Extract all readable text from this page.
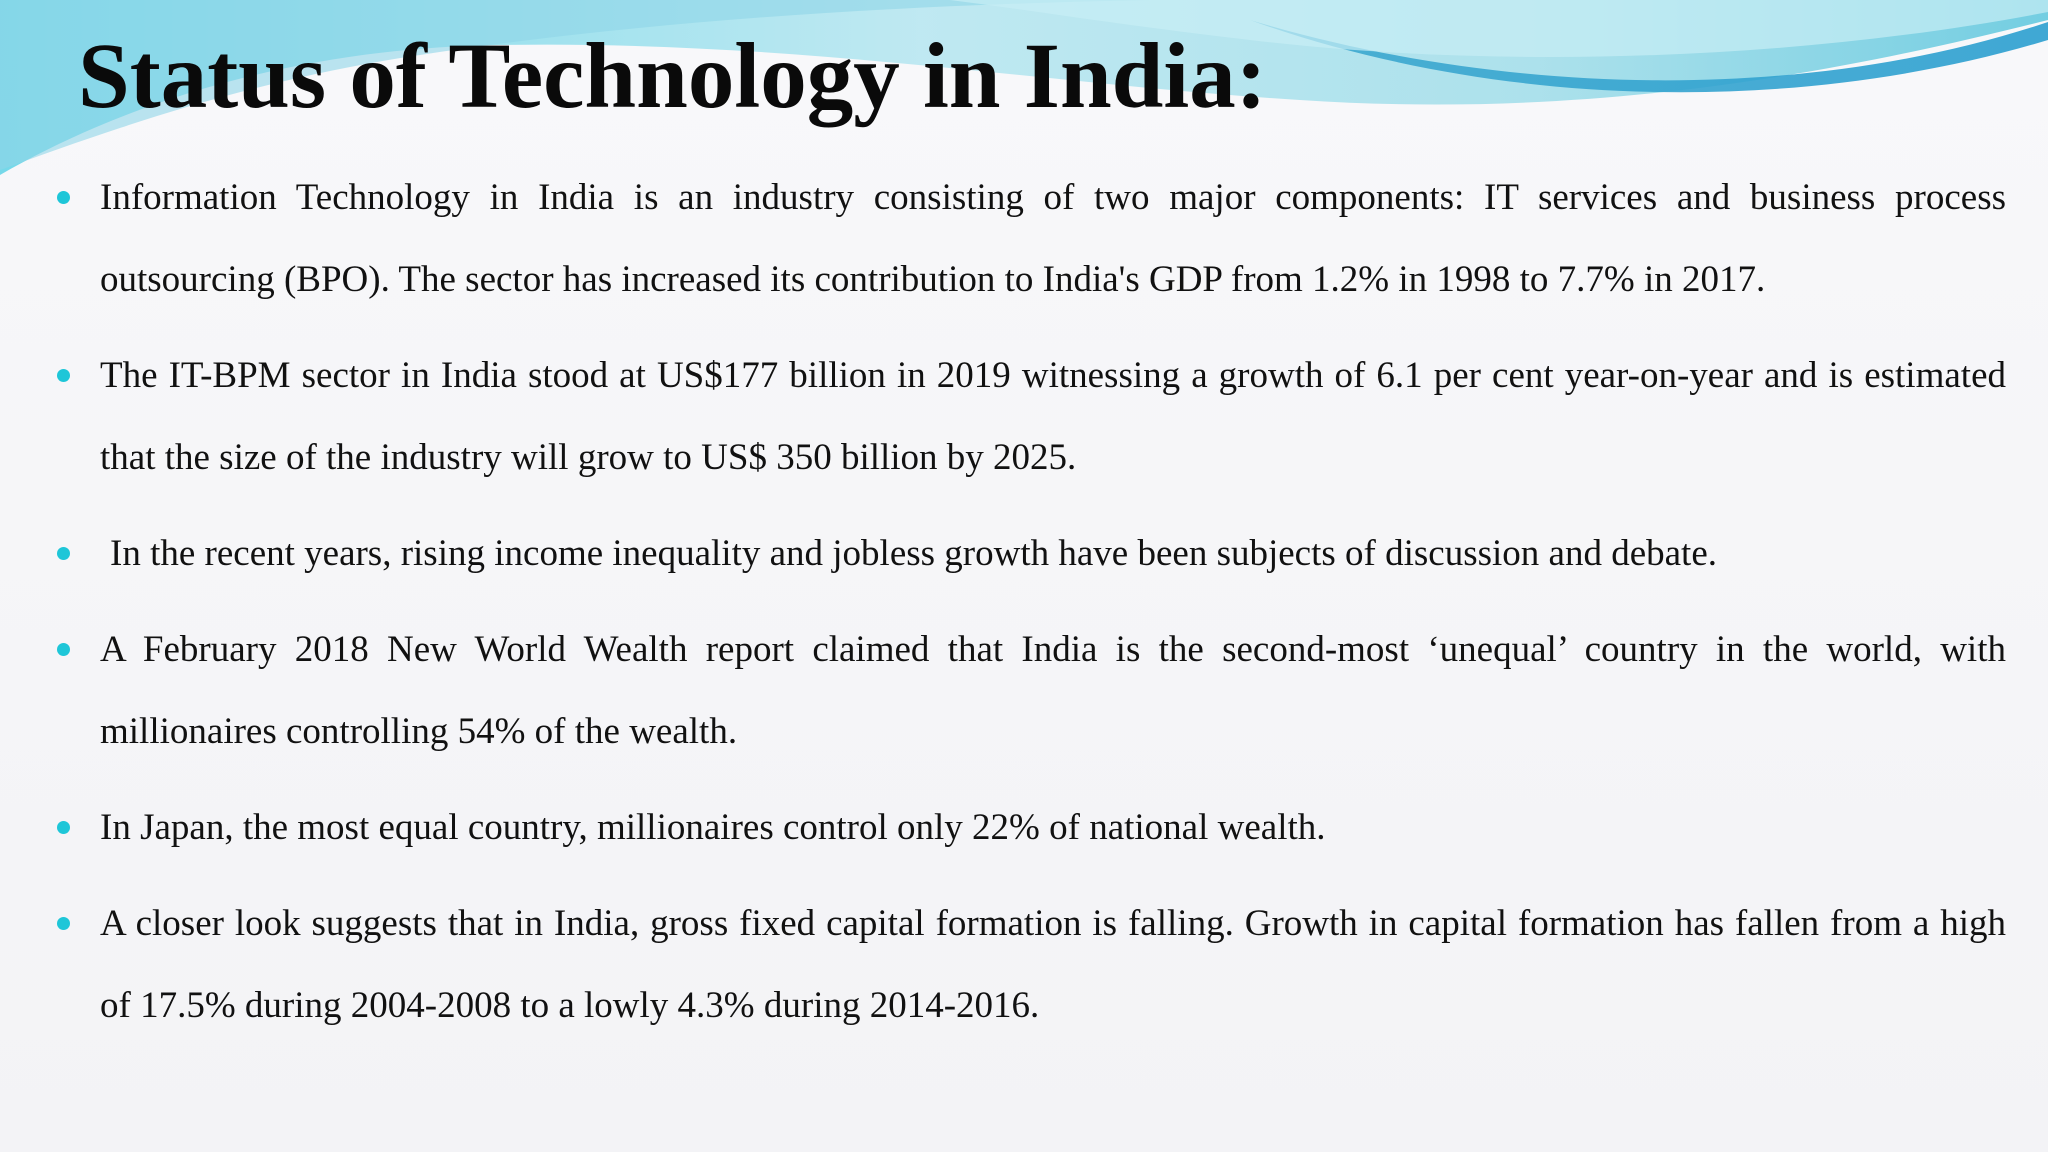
Status of Technology in India:
Information Technology in India is an industry consisting of two major components: IT services and business process outsourcing (BPO). The sector has increased its contribution to India's GDP from 1.2% in 1998 to 7.7% in 2017.
The IT-BPM sector in India stood at US$177 billion in 2019 witnessing a growth of 6.1 per cent year-on-year and is estimated that the size of the industry will grow to US$ 350 billion by 2025.
In the recent years, rising income inequality and jobless growth have been subjects of discussion and debate.
A February 2018 New World Wealth report claimed that India is the second-most ‘unequal’ country in the world, with millionaires controlling 54% of the wealth.
In Japan, the most equal country, millionaires control only 22% of national wealth.
A closer look suggests that in India, gross fixed capital formation is falling. Growth in capital formation has fallen from a high of 17.5% during 2004-2008 to a lowly 4.3% during 2014-2016.
